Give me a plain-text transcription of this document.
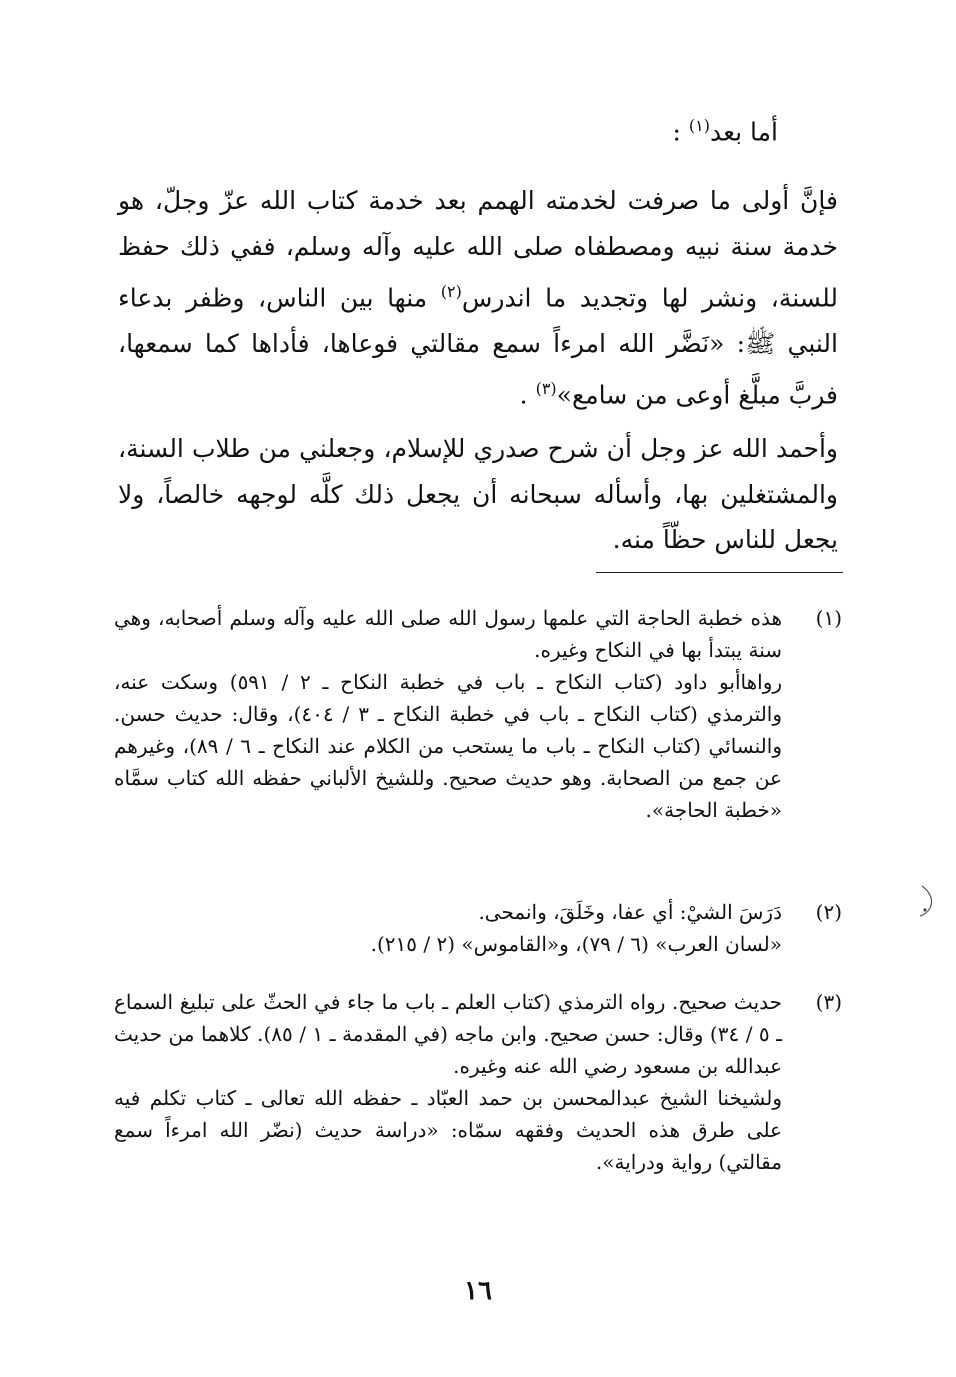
أما بعد$^{(١)}$ :

فإنَّ أولى ما صرفت لخدمته الهمم بعد خدمة كتاب الله عزّ وجلّ، هو خدمة سنة نبيه ومصطفاه صلى الله عليه وآله وسلم، ففي ذلك حفظ للسنة، ونشر لها وتجديد ما اندرس$^{(٢)}$ منها بين الناس، وظفر بدعاء النبي ﷺ: «نَضَّر الله امرءاً سمع مقالتي فوعاها، فأداها كما سمعها، فربَّ مبلَّغ أوعى من سامع»$^{(٣)}$ .

وأحمد الله عز وجل أن شرح صدري للإسلام، وجعلني من طلاب السنة، والمشتغلين بها، وأسأله سبحانه أن يجعل ذلك كلَّه لوجهه خالصاً، ولا يجعل للناس حظّاً منه.

(١)

هذه خطبة الحاجة التي علمها رسول الله صلى الله عليه وآله وسلم أصحابه، وهي سنة يبتدأ بها في النكاح وغيره.

رواهاأبو داود (كتاب النكاح ـ باب في خطبة النكاح ـ ٢ / ٥٩١) وسكت عنه، والترمذي (كتاب النكاح ـ باب في خطبة النكاح ـ ٣ / ٤٠٤)، وقال: حديث حسن. والنسائي (كتاب النكاح ـ باب ما يستحب من الكلام عند النكاح ـ ٦ / ٨٩)، وغيرهم عن جمع من الصحابة. وهو حديث صحيح. وللشيخ الألباني حفظه الله كتاب سمَّاه «خطبة الحاجة».

(٢)

دَرَسَ الشيْ: أي عفا، وخَلَقَ، وانمحى.

«لسان العرب» (٦ / ٧٩)، و«القاموس» (٢ / ٢١٥).

(٣)

حديث صحيح. رواه الترمذي (كتاب العلم ـ باب ما جاء في الحثّ على تبليغ السماع ـ ٥ / ٣٤) وقال: حسن صحيح. وابن ماجه (في المقدمة ـ ١ / ٨٥). كلاهما من حديث عبدالله بن مسعود رضي الله عنه وغيره.

ولشيخنا الشيخ عبدالمحسن بن حمد العبّاد ـ حفظه الله تعالى ـ كتاب تكلم فيه على طرق هذه الحديث وفقهه سمّاه: «دراسة حديث (نضّر الله امرءاً سمع مقالتي) رواية ودراية».

١٦
